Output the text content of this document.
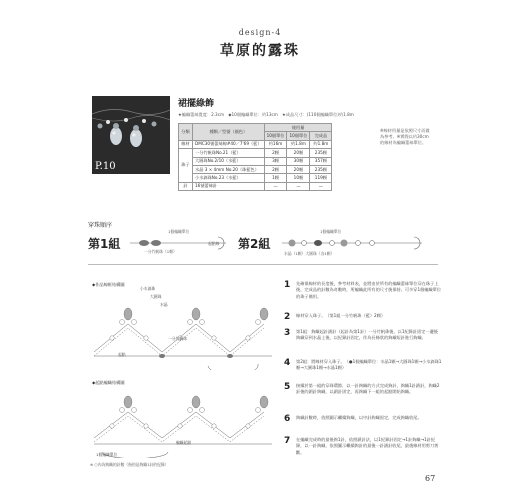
design-4
草原的露珠
P.10
裙擺綠飾
★編織蕾絲寬度：2.3cm　◆10個編織單位：約13cm　★成品尺寸：(110個編織單位)約1.8m
分類	種類／型號（顏色）	使用量		
		10個單位	10個單位	完成品
線材	DMC30號蕾絲線#40／7'69（藍）	約16m	約1.8m	約1.8m
珠子	一分竹帆珠No.21（藍）	2顆	20顆	235顆
	大圓珠No.2/10（水藍）	3顆	30顆	357顆
	水晶 3 × 4mm No.20（珠藍色）	2顆	20顆	235顆
	小水滴珠No.23（水藍）	1顆	10顆	119顆
針	16號蕾絲針	—	—	—
※線材用量是依照尺寸而做為參考。※實際以約30cm的線材為編織蕾絲單位。
穿珠順序
第1組
1個編織單位
一分竹帆珠（1顆）
起點線 第2組
1個編織單位
水晶（1顆）大圓珠（各1顆）
◆作品線框結構圖
小水滴珠
大圓珠
水晶
一分竹帆珠
起點
◆起點編織結構圖
編織起點
1個編織單位
※ ○內為鉤織的針數（指的是鉤織1針的紀錄）
1 先確保線材的長度後，參考材料表，並將由於所有的編織蕾絲單位穿在珠子上後，完成品的針數為奇數時，所編織此所有的尺寸後保持。可多穿1個編織單位的珠子備用。
2 線材穿入珠子。　（第1組一分竹帆珠（藍）2顆）
3 第1組：鉤織起針鎖針（起針為第1針）一分竹帆珠後，以1紀錄針固定一邊後鉤織穿到水晶上後，以紀錄針固定，作為長條狀的鉤織短針進行鉤織。
4 第2組：將線材穿入珠子。　（●1個編織單位：水晶1顆→大圓珠1顆→小水滴珠1顆→大圓珠1顆→水晶1顆）
5 接續於第一組的穿珠環節，以一針鉤織的方式完成鉤針，鉤織1針鎖針，鉤織2針後的鎖針鉤織，以鎖針固定，再鉤織下一組的起點開始鉤織。
6 鉤織針數時，依照圖示繼續鉤織，以中針鉤織固定，完成鉤織收尾。
7 在編織完成時的最後鉤1針，依照鎖針法，以1紀錄針固定→1針鉤織→1針紀錄，以一針鉤織，依照圖示繼續鉤針的最後一針鎖針收尾，最後線材用剪刀剪斷。
67
